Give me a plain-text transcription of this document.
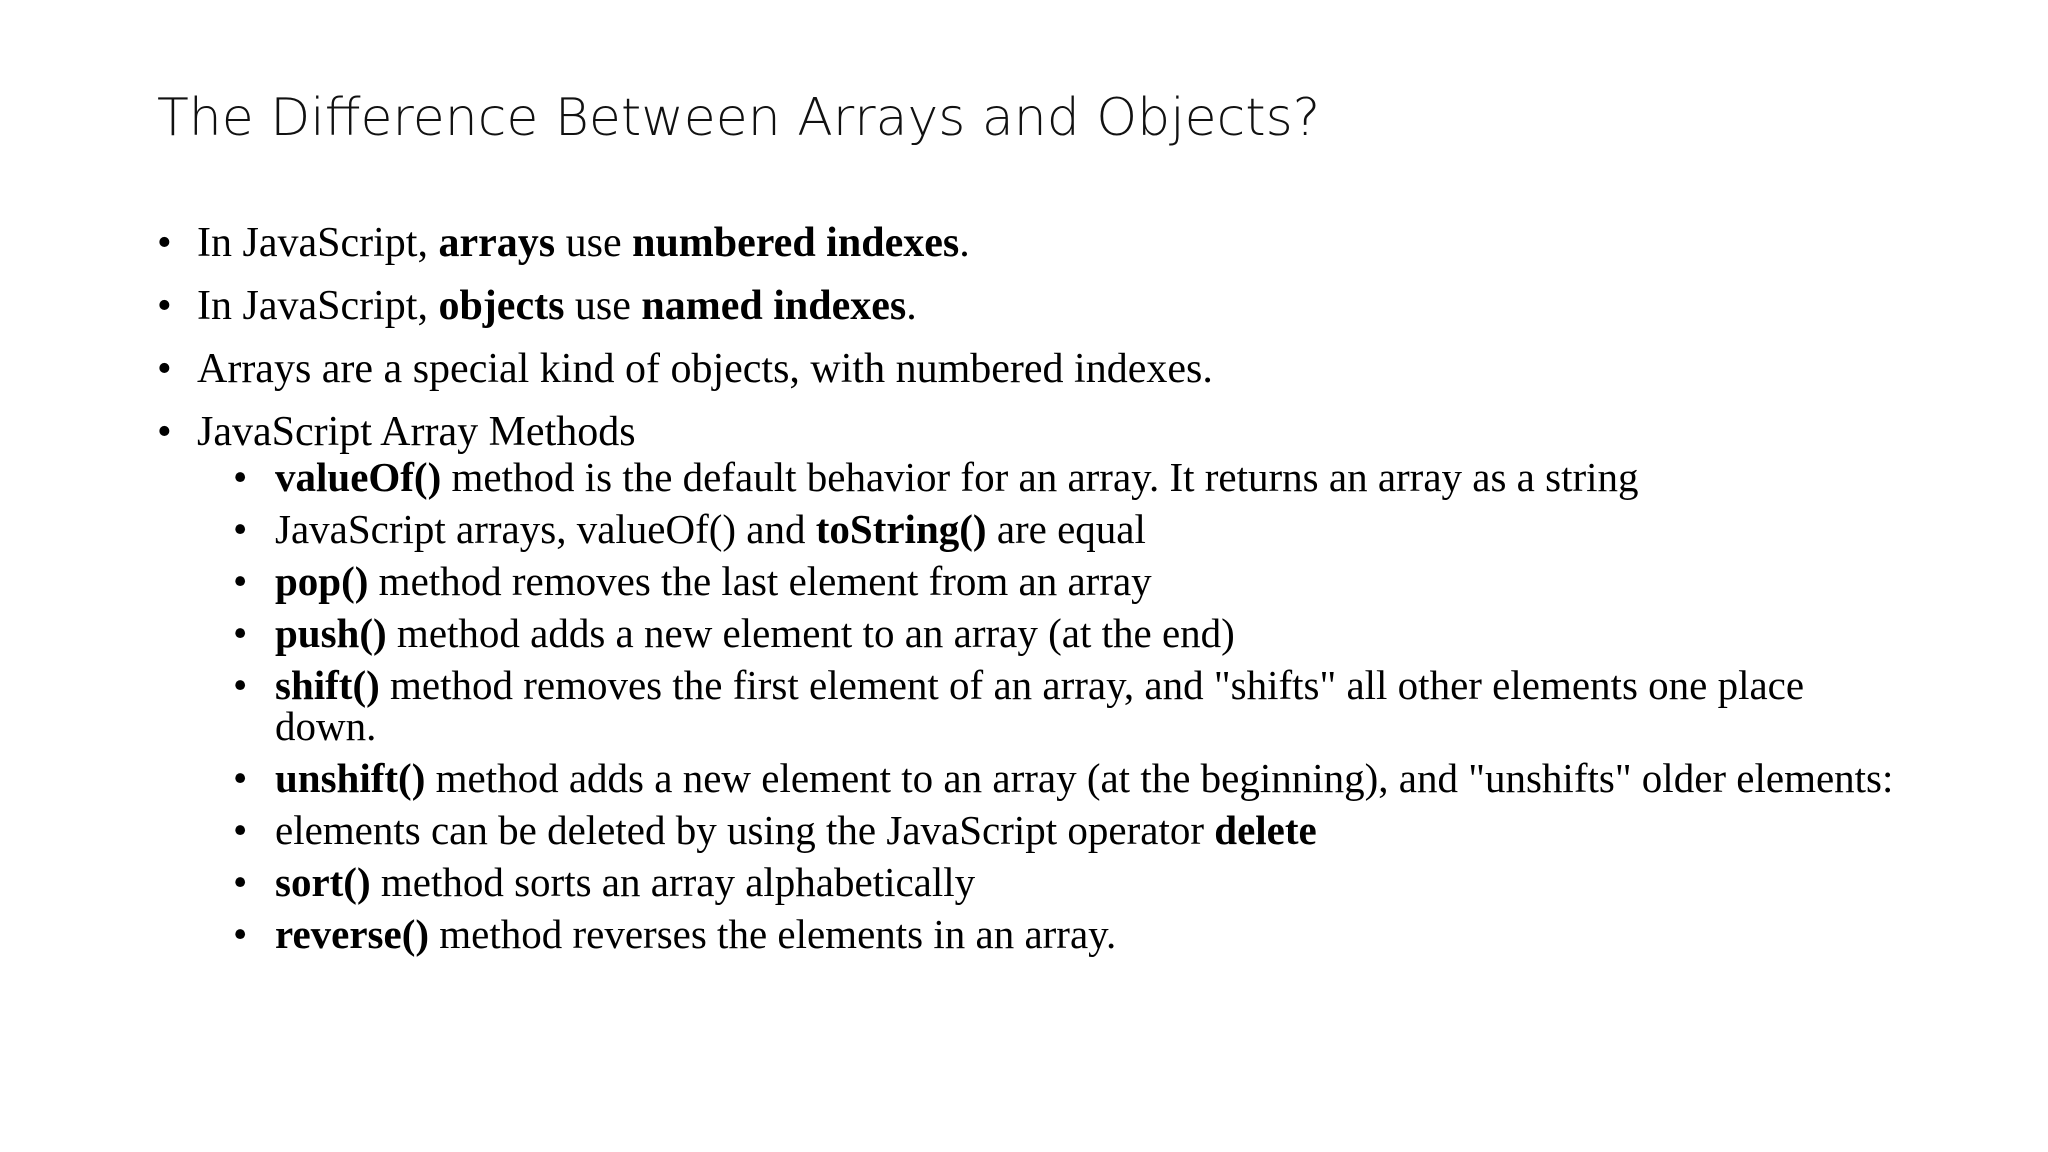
The Difference Between Arrays and Objects?
• In JavaScript, arrays use numbered indexes.
• In JavaScript, objects use named indexes.
• Arrays are a special kind of objects, with numbered indexes.
• JavaScript Array Methods
• valueOf() method is the default behavior for an array. It returns an array as a string
• JavaScript arrays, valueOf() and toString() are equal
• pop() method removes the last element from an array
• push() method adds a new element to an array (at the end)
• shift() method removes the first element of an array, and "shifts" all other elements one place down.
• unshift() method adds a new element to an array (at the beginning), and "unshifts" older elements:
• elements can be deleted by using the JavaScript operator delete
• sort() method sorts an array alphabetically
• reverse() method reverses the elements in an array.
